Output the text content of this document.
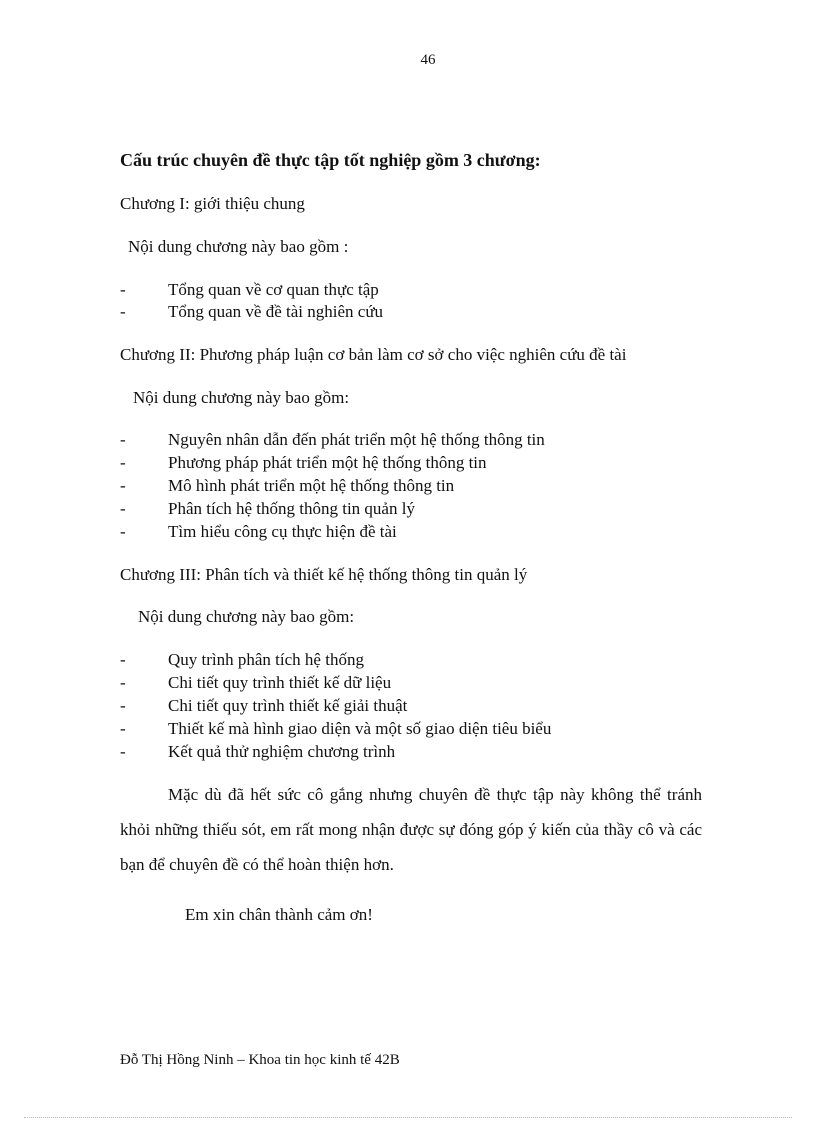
46
Cấu trúc chuyên đề thực tập tốt nghiệp gồm 3 chương:
Chương I: giới thiệu chung
Nội dung chương này bao gồm :
- Tổng quan về cơ quan thực tập
- Tổng quan về đề tài nghiên cứu
Chương II: Phương pháp luận cơ bản làm cơ sở cho việc nghiên cứu đề tài
Nội dung chương này bao gồm:
- Nguyên nhân dẫn đến phát triển một hệ thống thông tin
- Phương pháp phát triển một hệ thống thông tin
- Mô hình phát triển một hệ thống thông tin
- Phân tích hệ thống thông tin quản lý
- Tìm hiểu công cụ thực hiện đề tài
Chương III: Phân tích và thiết kế hệ thống thông tin quản lý
Nội dung chương này bao gồm:
- Quy trình phân tích hệ thống
- Chi tiết quy trình thiết kế dữ liệu
- Chi tiết quy trình thiết kế giải thuật
- Thiết kế mà hình giao diện và một số giao diện tiêu biểu
- Kết quả thử nghiệm chương trình
Mặc dù đã hết sức cô gắng nhưng chuyên đề thực tập này không thể tránh khỏi những thiếu sót, em rất mong nhận được sự đóng góp ý kiến của thầy cô và các bạn để chuyên đề có thể hoàn thiện hơn.
Em xin chân thành cảm ơn!
Đỗ Thị Hồng Ninh – Khoa tin học kinh tế 42B
